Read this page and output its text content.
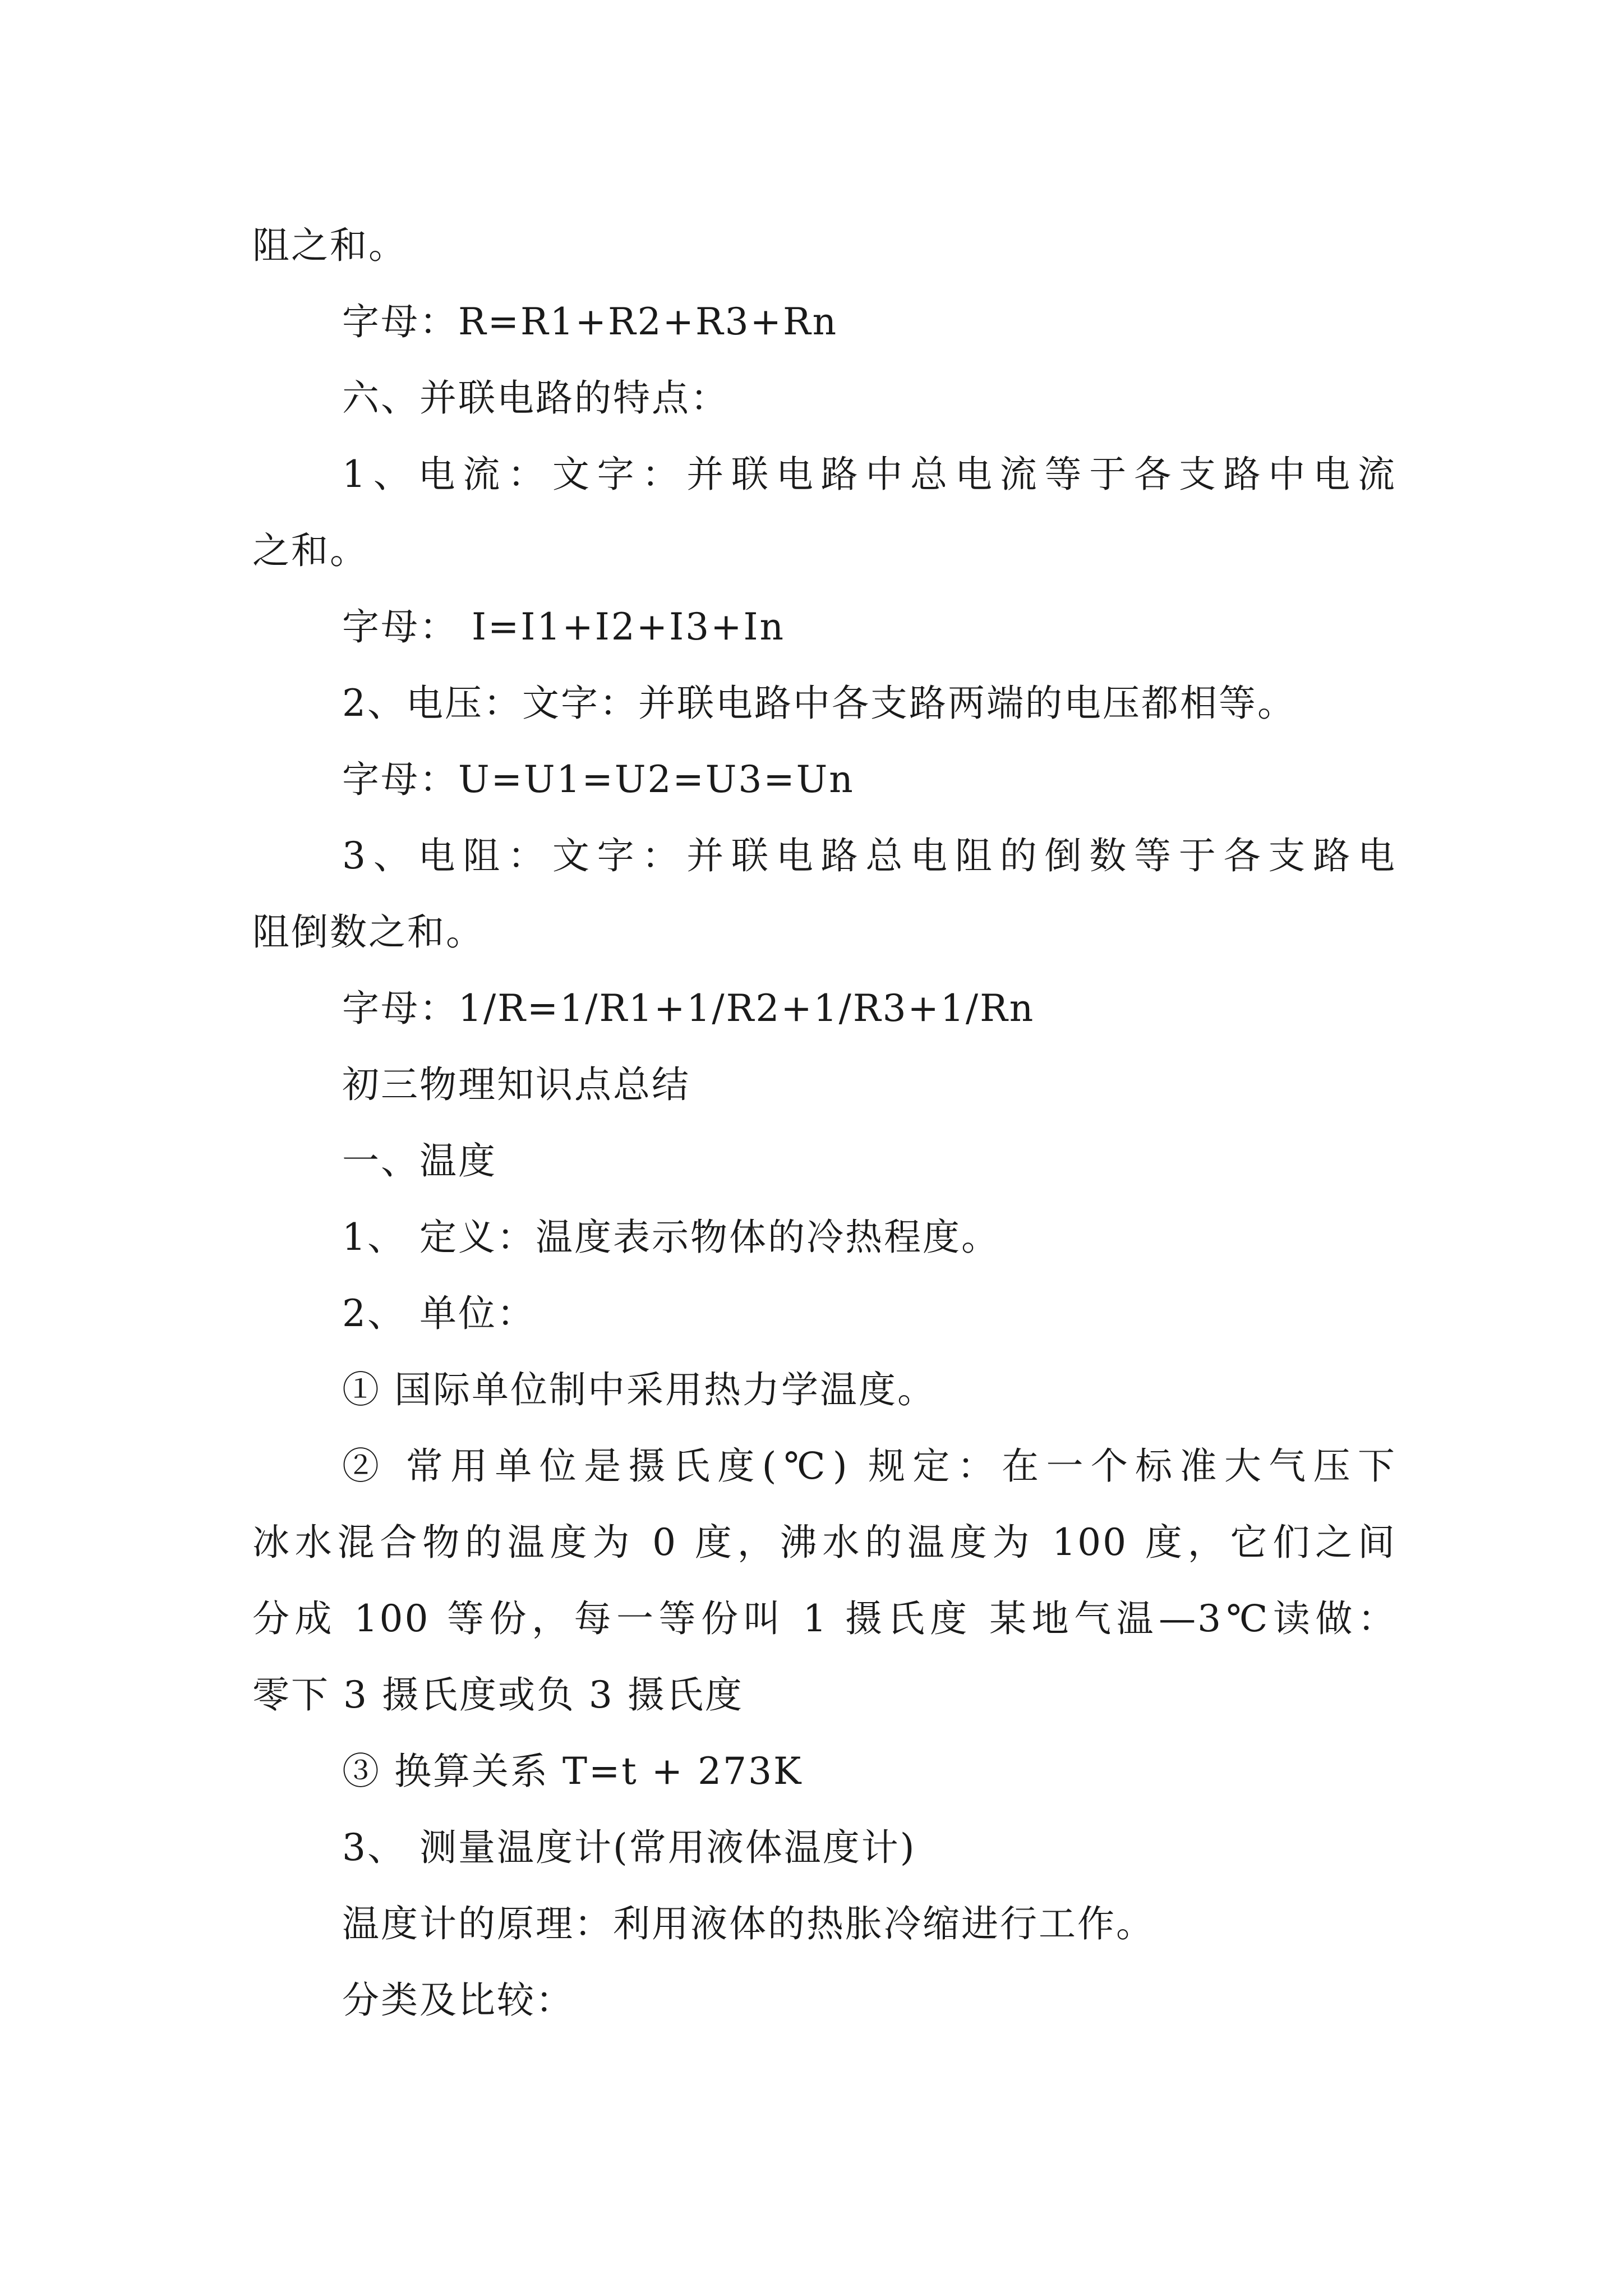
阻之和。
字母：R=R1+R2+R3+Rn
六、并联电路的特点：
1、电流：文字：并联电路中总电流等于各支路中电流
之和。
字母： I=I1+I2+I3+In
2、电压：文字：并联电路中各支路两端的电压都相等。
字母：U=U1=U2=U3=Un
3、电阻：文字：并联电路总电阻的倒数等于各支路电
阻倒数之和。
字母：1/R=1/R1+1/R2+1/R3+1/Rn
初三物理知识点总结
一、温度
1、 定义：温度表示物体的冷热程度。
2、 单位：
① 国际单位制中采用热力学温度。
② 常用单位是摄氏度(℃) 规定：在一个标准大气压下
冰水混合物的温度为 0 度，沸水的温度为 100 度，它们之间
分成 100 等份，每一等份叫 1 摄氏度 某地气温—3℃读做：
零下 3 摄氏度或负 3 摄氏度
③ 换算关系 T=t + 273K
3、 测量温度计(常用液体温度计)
温度计的原理：利用液体的热胀冷缩进行工作。
分类及比较：
